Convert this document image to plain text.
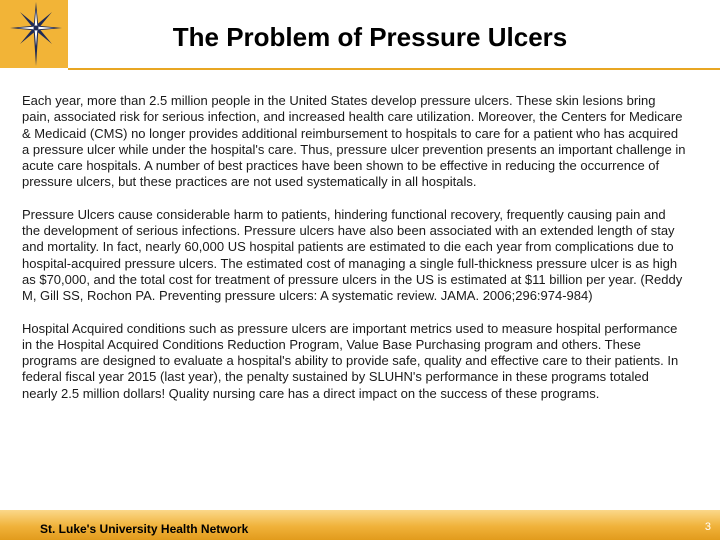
The Problem of Pressure Ulcers

Each year, more than 2.5 million people in the United States develop pressure ulcers. These skin lesions bring pain, associated risk for serious infection, and increased health care utilization. Moreover, the Centers for Medicare & Medicaid (CMS) no longer provides additional reimbursement to hospitals to care for a patient who has acquired a pressure ulcer while under the hospital's care. Thus, pressure ulcer prevention presents an important challenge in acute care hospitals. A number of best practices have been shown to be effective in reducing the occurrence of pressure ulcers, but these practices are not used systematically in all hospitals.

Pressure Ulcers cause considerable harm to patients, hindering functional recovery, frequently causing pain and the development of serious infections. Pressure ulcers have also been associated with an extended length of stay and mortality. In fact, nearly 60,000 US hospital patients are estimated to die each year from complications due to hospital-acquired pressure ulcers. The estimated cost of managing a single full-thickness pressure ulcer is as high as $70,000, and the total cost for treatment of pressure ulcers in the US is estimated at $11 billion per year. (Reddy M, Gill SS, Rochon PA. Preventing pressure ulcers: A systematic review. JAMA. 2006;296:974-984)

Hospital Acquired conditions such as pressure ulcers are important metrics used to measure hospital performance in the Hospital Acquired Conditions Reduction Program, Value Base Purchasing program and others. These programs are designed to evaluate a hospital's ability to provide safe, quality and effective care to their patients. In federal fiscal year 2015 (last year), the penalty sustained by SLUHN's performance in these programs totaled nearly 2.5 million dollars! Quality nursing care has a direct impact on the success of these programs.

St. Luke's University Health Network	3
